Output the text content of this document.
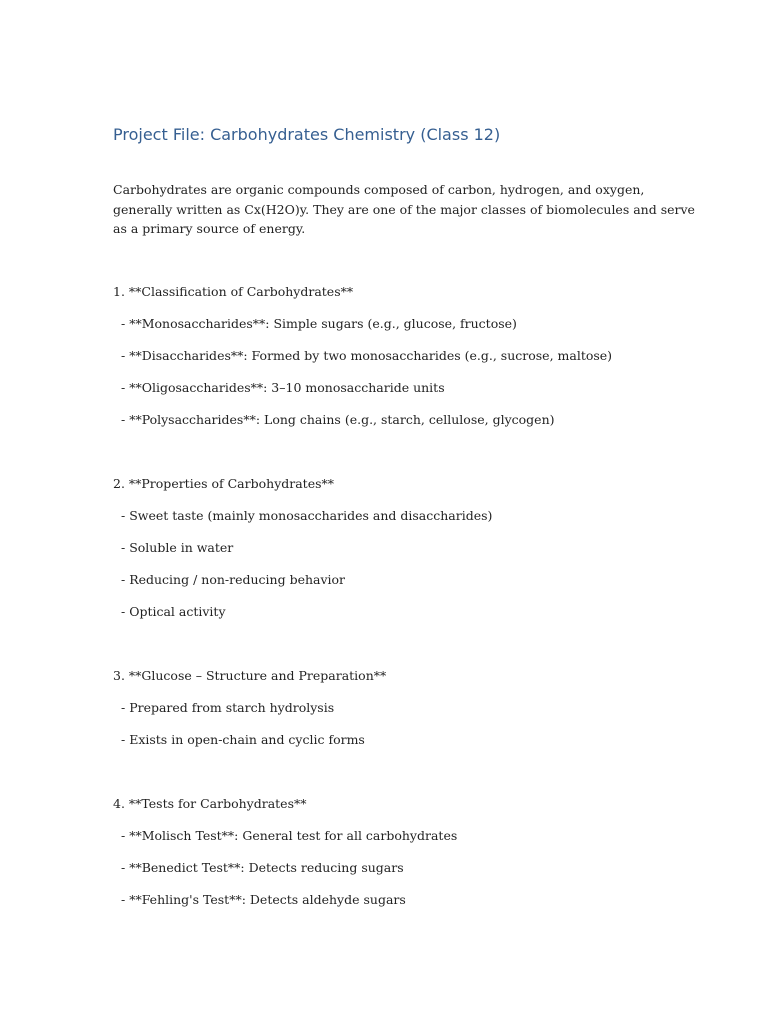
Project File: Carbohydrates Chemistry (Class 12)
Carbohydrates are organic compounds composed of carbon, hydrogen, and oxygen,
generally written as Cx(H2O)y. They are one of the major classes of biomolecules and serve
as a primary source of energy.
1. **Classification of Carbohydrates**
- **Monosaccharides**: Simple sugars (e.g., glucose, fructose)
- **Disaccharides**: Formed by two monosaccharides (e.g., sucrose, maltose)
- **Oligosaccharides**: 3–10 monosaccharide units
- **Polysaccharides**: Long chains (e.g., starch, cellulose, glycogen)
2. **Properties of Carbohydrates**
- Sweet taste (mainly monosaccharides and disaccharides)
- Soluble in water
- Reducing / non-reducing behavior
- Optical activity
3. **Glucose – Structure and Preparation**
- Prepared from starch hydrolysis
- Exists in open-chain and cyclic forms
4. **Tests for Carbohydrates**
- **Molisch Test**: General test for all carbohydrates
- **Benedict Test**: Detects reducing sugars
- **Fehling's Test**: Detects aldehyde sugars
